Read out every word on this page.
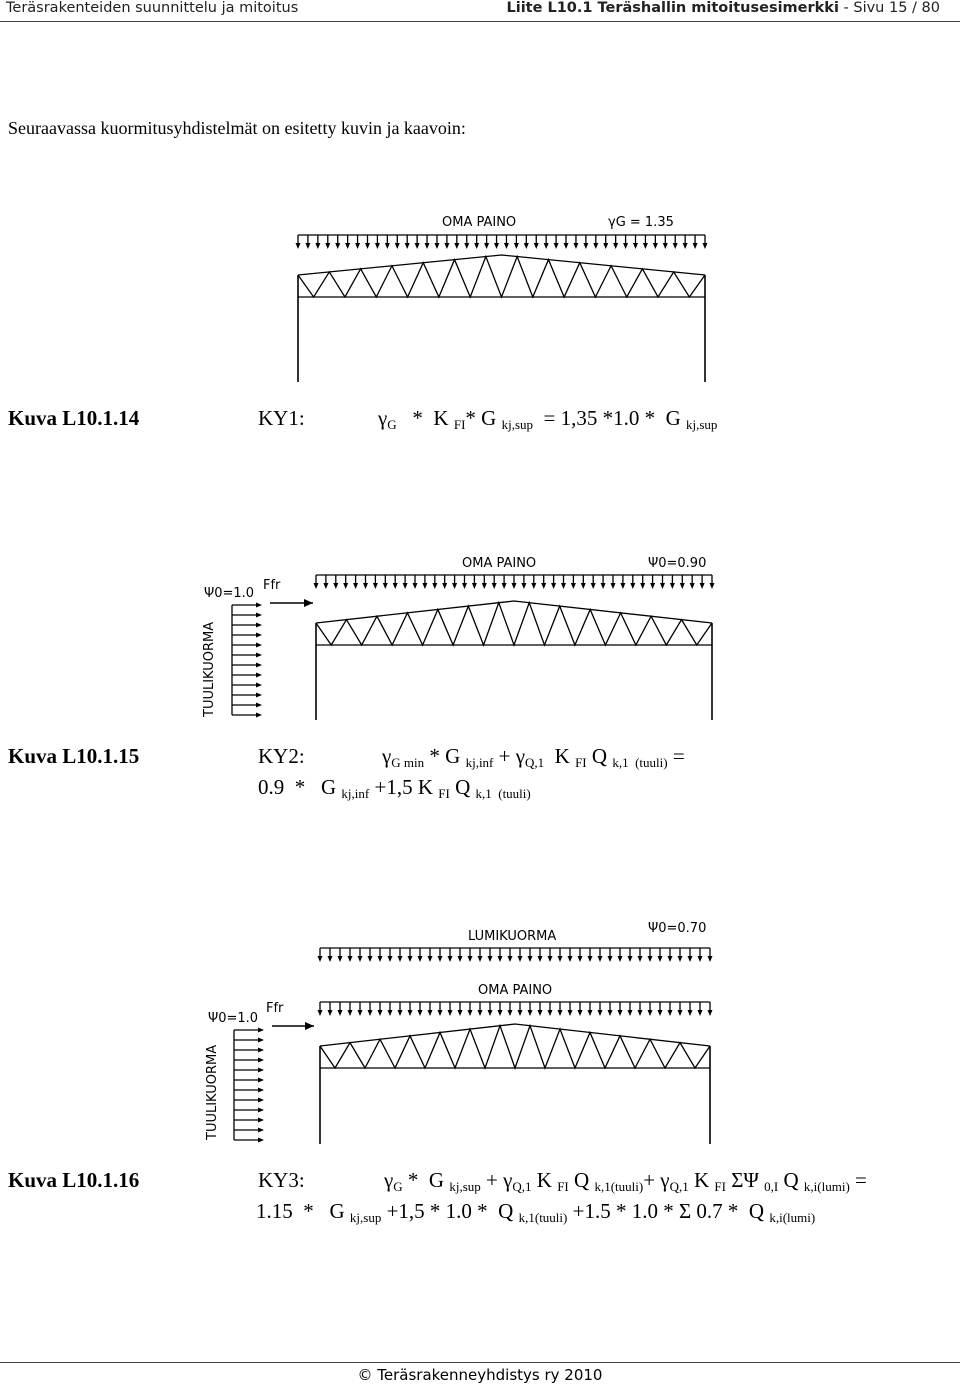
Teräsrakenteiden suunnittelu ja mitoitus	Liite L10.1 Teräshallin mitoitusesimerkki - Sivu 15 / 80
Seuraavassa kuormitusyhdistelmät on esitetty kuvin ja kaavoin:
OMA PAINO	γG = 1.35
Kuva L10.1.14	KY1:	$\gamma_G$   *  K $_{FI}$* G $_{kj,sup}$  = 1,35 *1.0 *  G $_{kj,sup}$
OMA PAINO	Ψ0=0.90
Ψ0=1.0
Ffr
TUULIKUORMA
Kuva L10.1.15	KY2:	$\gamma_{G min}$ * G $_{kj,inf} + \gamma_{Q,1}$  K $_{FI}$ Q $_{k,1 (tuuli)}$ =
0.9  *   G $_{kj,inf}$ +1,5 K $_{FI}$ Q $_{k,1 (tuuli)}$
LUMIKUORMA
Ψ0=0.70
OMA PAINO
Ψ0=1.0
Ffr
TUULIKUORMA
Kuva L10.1.16	KY3:	$\gamma_G$ *  G $_{kj,sup} + \gamma_{Q,1}$ K $_{FI}$ Q $_{k,1(tuuli)}+ \gamma_{Q,1}$ K $_{FI}$ ΣΨ $_{0,I}$ Q $_{k,i(lumi)}$ =
1.15  *   G $_{kj,sup}$ +1,5 * 1.0 *  Q $_{k,1(tuuli)}$ +1.5 * 1.0 * Σ 0.7 *  Q $_{k,i(lumi)}$
© Teräsrakenneyhdistys ry 2010
